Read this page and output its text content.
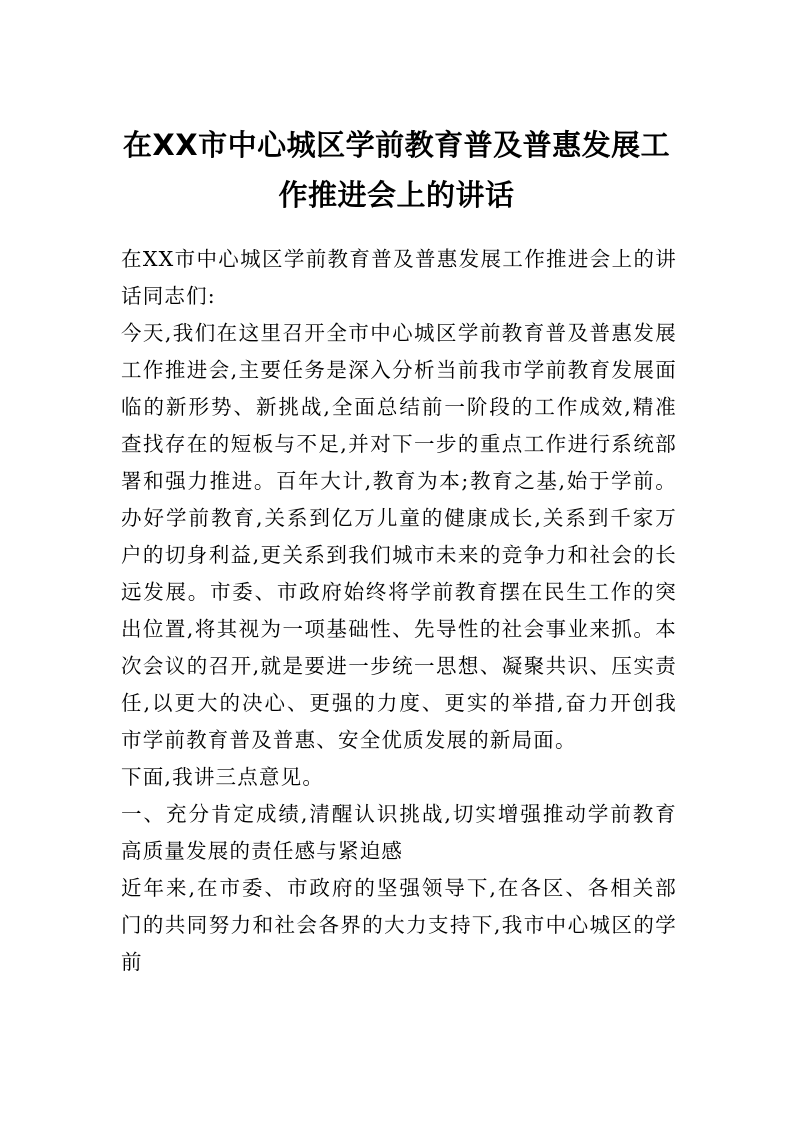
在XX市中心城区学前教育普及普惠发展工
作推进会上的讲话

在XX市中心城区学前教育普及普惠发展工作推进会上的讲话同志们:

今天,我们在这里召开全市中心城区学前教育普及普惠发展工作推进会,主要任务是深入分析当前我市学前教育发展面临的新形势、新挑战,全面总结前一阶段的工作成效,精准查找存在的短板与不足,并对下一步的重点工作进行系统部署和强力推进。百年大计,教育为本;教育之基,始于学前。办好学前教育,关系到亿万儿童的健康成长,关系到千家万户的切身利益,更关系到我们城市未来的竞争力和社会的长远发展。市委、市政府始终将学前教育摆在民生工作的突出位置,将其视为一项基础性、先导性的社会事业来抓。本次会议的召开,就是要进一步统一思想、凝聚共识、压实责任,以更大的决心、更强的力度、更实的举措,奋力开创我市学前教育普及普惠、安全优质发展的新局面。

下面,我讲三点意见。

一、充分肯定成绩,清醒认识挑战,切实增强推动学前教育高质量发展的责任感与紧迫感

近年来,在市委、市政府的坚强领导下,在各区、各相关部门的共同努力和社会各界的大力支持下,我市中心城区的学前
